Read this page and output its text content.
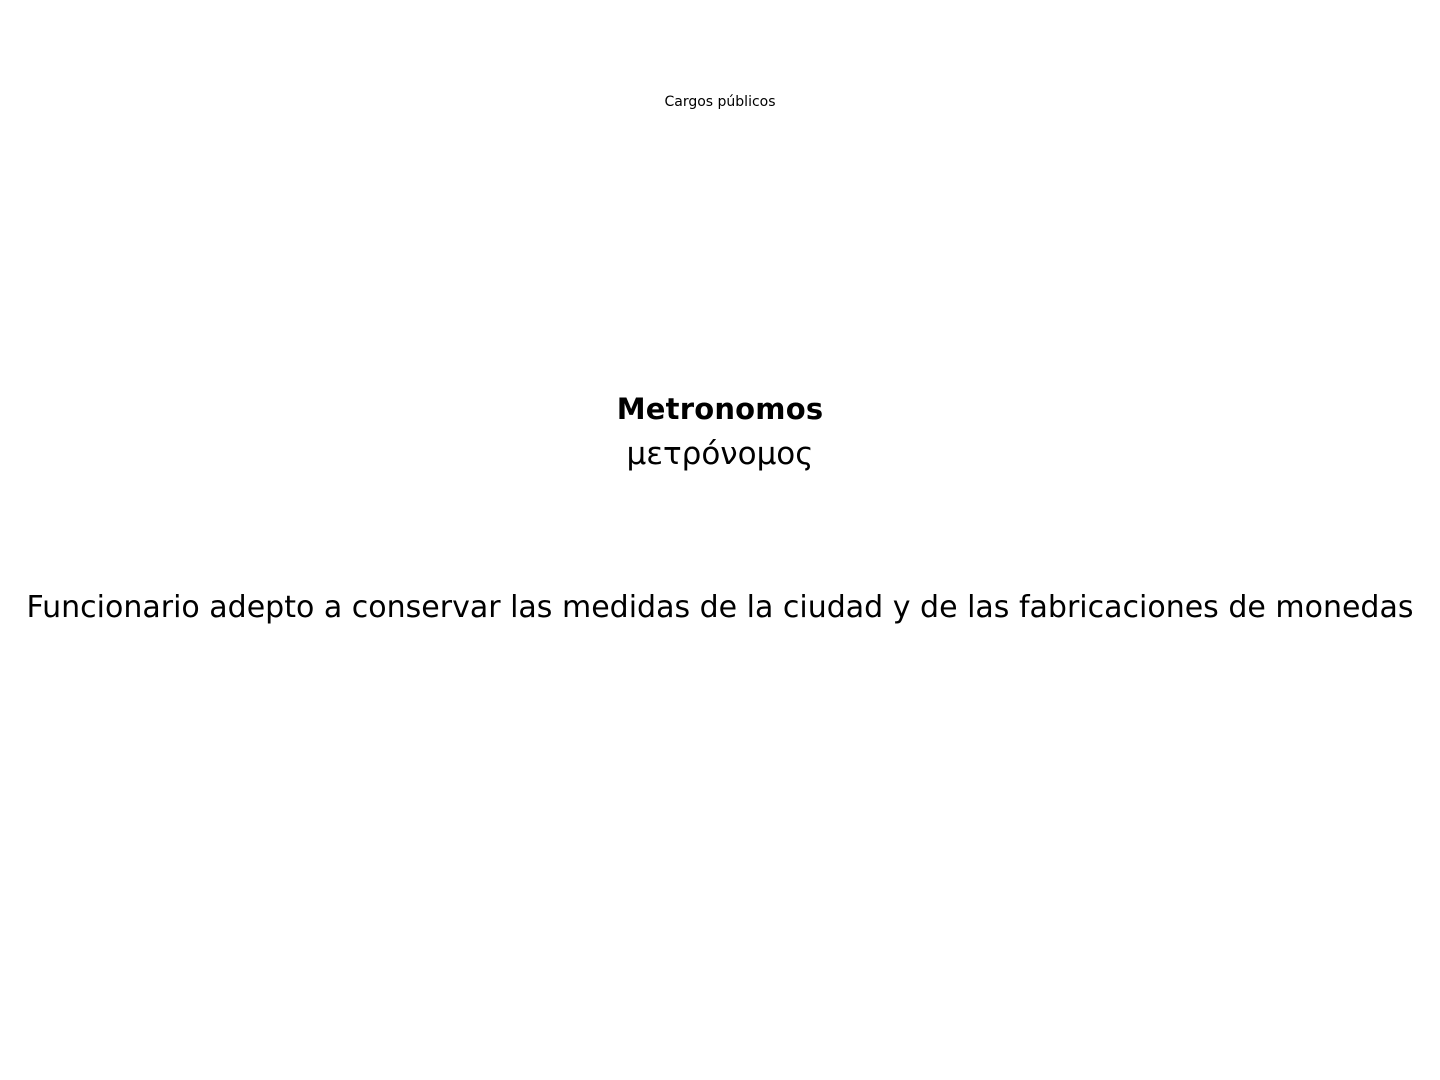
Cargos públicos
Metronomos
μετρόνομος
Funcionario adepto a conservar las medidas de la ciudad y de las fabricaciones de monedas
